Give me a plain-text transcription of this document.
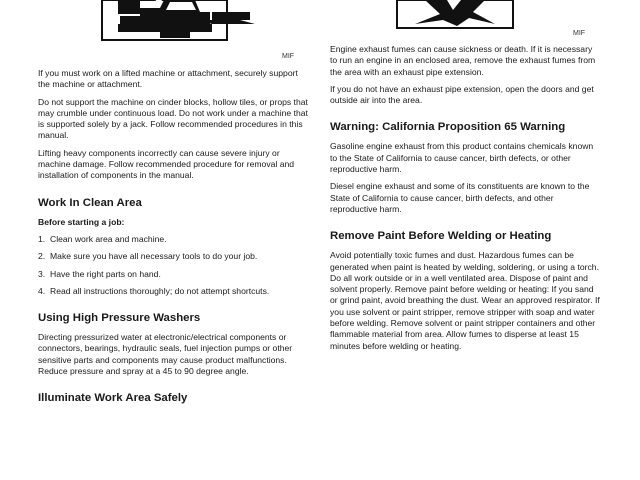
MIF
MIF

If you must work on a lifted machine or attachment, securely support the machine or attachment.

Do not support the machine on cinder blocks, hollow tiles, or props that may crumble under continuous load. Do not work under a machine that is supported solely by a jack. Follow recommended procedures in this manual.

Lifting heavy components incorrectly can cause severe injury or machine damage. Follow recommended procedure for removal and installation of components in the manual.

Work In Clean Area

Before starting a job:

1. Clean work area and machine.
2. Make sure you have all necessary tools to do your job.
3. Have the right parts on hand.
4. Read all instructions thoroughly; do not attempt shortcuts.
Using High Pressure Washers

Directing pressurized water at electronic/electrical components or connectors, bearings, hydraulic seals, fuel injection pumps or other sensitive parts and components may cause product malfunctions. Reduce pressure and spray at a 45 to 90 degree angle.

Illuminate Work Area Safely

Engine exhaust fumes can cause sickness or death. If it is necessary to run an engine in an enclosed area, remove the exhaust fumes from the area with an exhaust pipe extension.

If you do not have an exhaust pipe extension, open the doors and get outside air into the area.

Warning: California Proposition 65 Warning

Gasoline engine exhaust from this product contains chemicals known to the State of California to cause cancer, birth defects, or other reproductive harm.

Diesel engine exhaust and some of its constituents are known to the State of California to cause cancer, birth defects, and other reproductive harm.

Remove Paint Before Welding or Heating

Avoid potentially toxic fumes and dust. Hazardous fumes can be generated when paint is heated by welding, soldering, or using a torch. Do all work outside or in a well ventilated area. Dispose of paint and solvent properly. Remove paint before welding or heating: If you sand or grind paint, avoid breathing the dust. Wear an approved respirator. If you use solvent or paint stripper, remove stripper with soap and water before welding. Remove solvent or paint stripper containers and other flammable material from area. Allow fumes to disperse at least 15 minutes before welding or heating.
